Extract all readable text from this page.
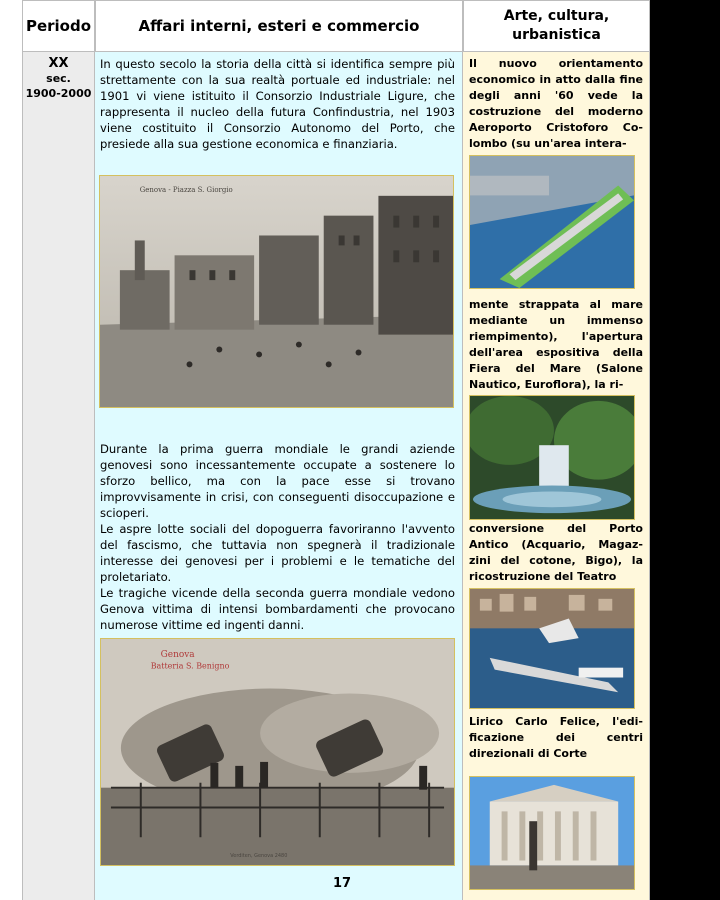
Periodo	Affari interni, esteri e commercio
Arte, cultura,
urbanistica
XX
sec.
1900-2000
In questo secolo la storia della città si identifica sempre più strettamente con la sua realtà portuale ed industriale: nel 1901 vi viene istituito il Consorzio Industriale Ligure, che rappresenta il nucleo della futura Confindustria, nel 1903 viene costituito il Consorzio Autonomo del Porto, che presiede alla sua gestione economica e finanziaria.
Genova - Piazza S. Giorgio
Durante la prima guerra mondiale le grandi aziende genovesi sono incessantemente occupate a sostenere lo sforzo bellico, ma con la pace esse si trovano improvvisamente in crisi, con conseguenti disoccupazione e scioperi.
Le aspre lotte sociali del dopoguerra favoriranno l'avvento del fascismo, che tuttavia non spegnerà il tradizionale interesse dei genovesi per i problemi e le tematiche del proletariato.
Le tragiche vicende della seconda guerra mondiale vedono Genova vittima di intensi bombardamenti che provocano numerose vittime ed ingenti danni.
Genova
Batteria S. Benigno
Verditen, Genova 2480
Il nuovo orientamento economico in atto dalla fine degli anni '60 vede la costruzione del moderno Aeroporto Cristoforo Co-lombo (su un'area intera-
mente strappata al mare mediante un immenso riempimento), l'apertura dell'area espositiva della Fiera del Mare (Salone Nautico, Euroflora), la ri-
conversione del Porto Antico (Acquario, Magaz-zini del cotone, Bigo), la ricostruzione del Teatro
Lirico Carlo Felice, l'edi-ficazione dei centri direzionali di Corte
17
